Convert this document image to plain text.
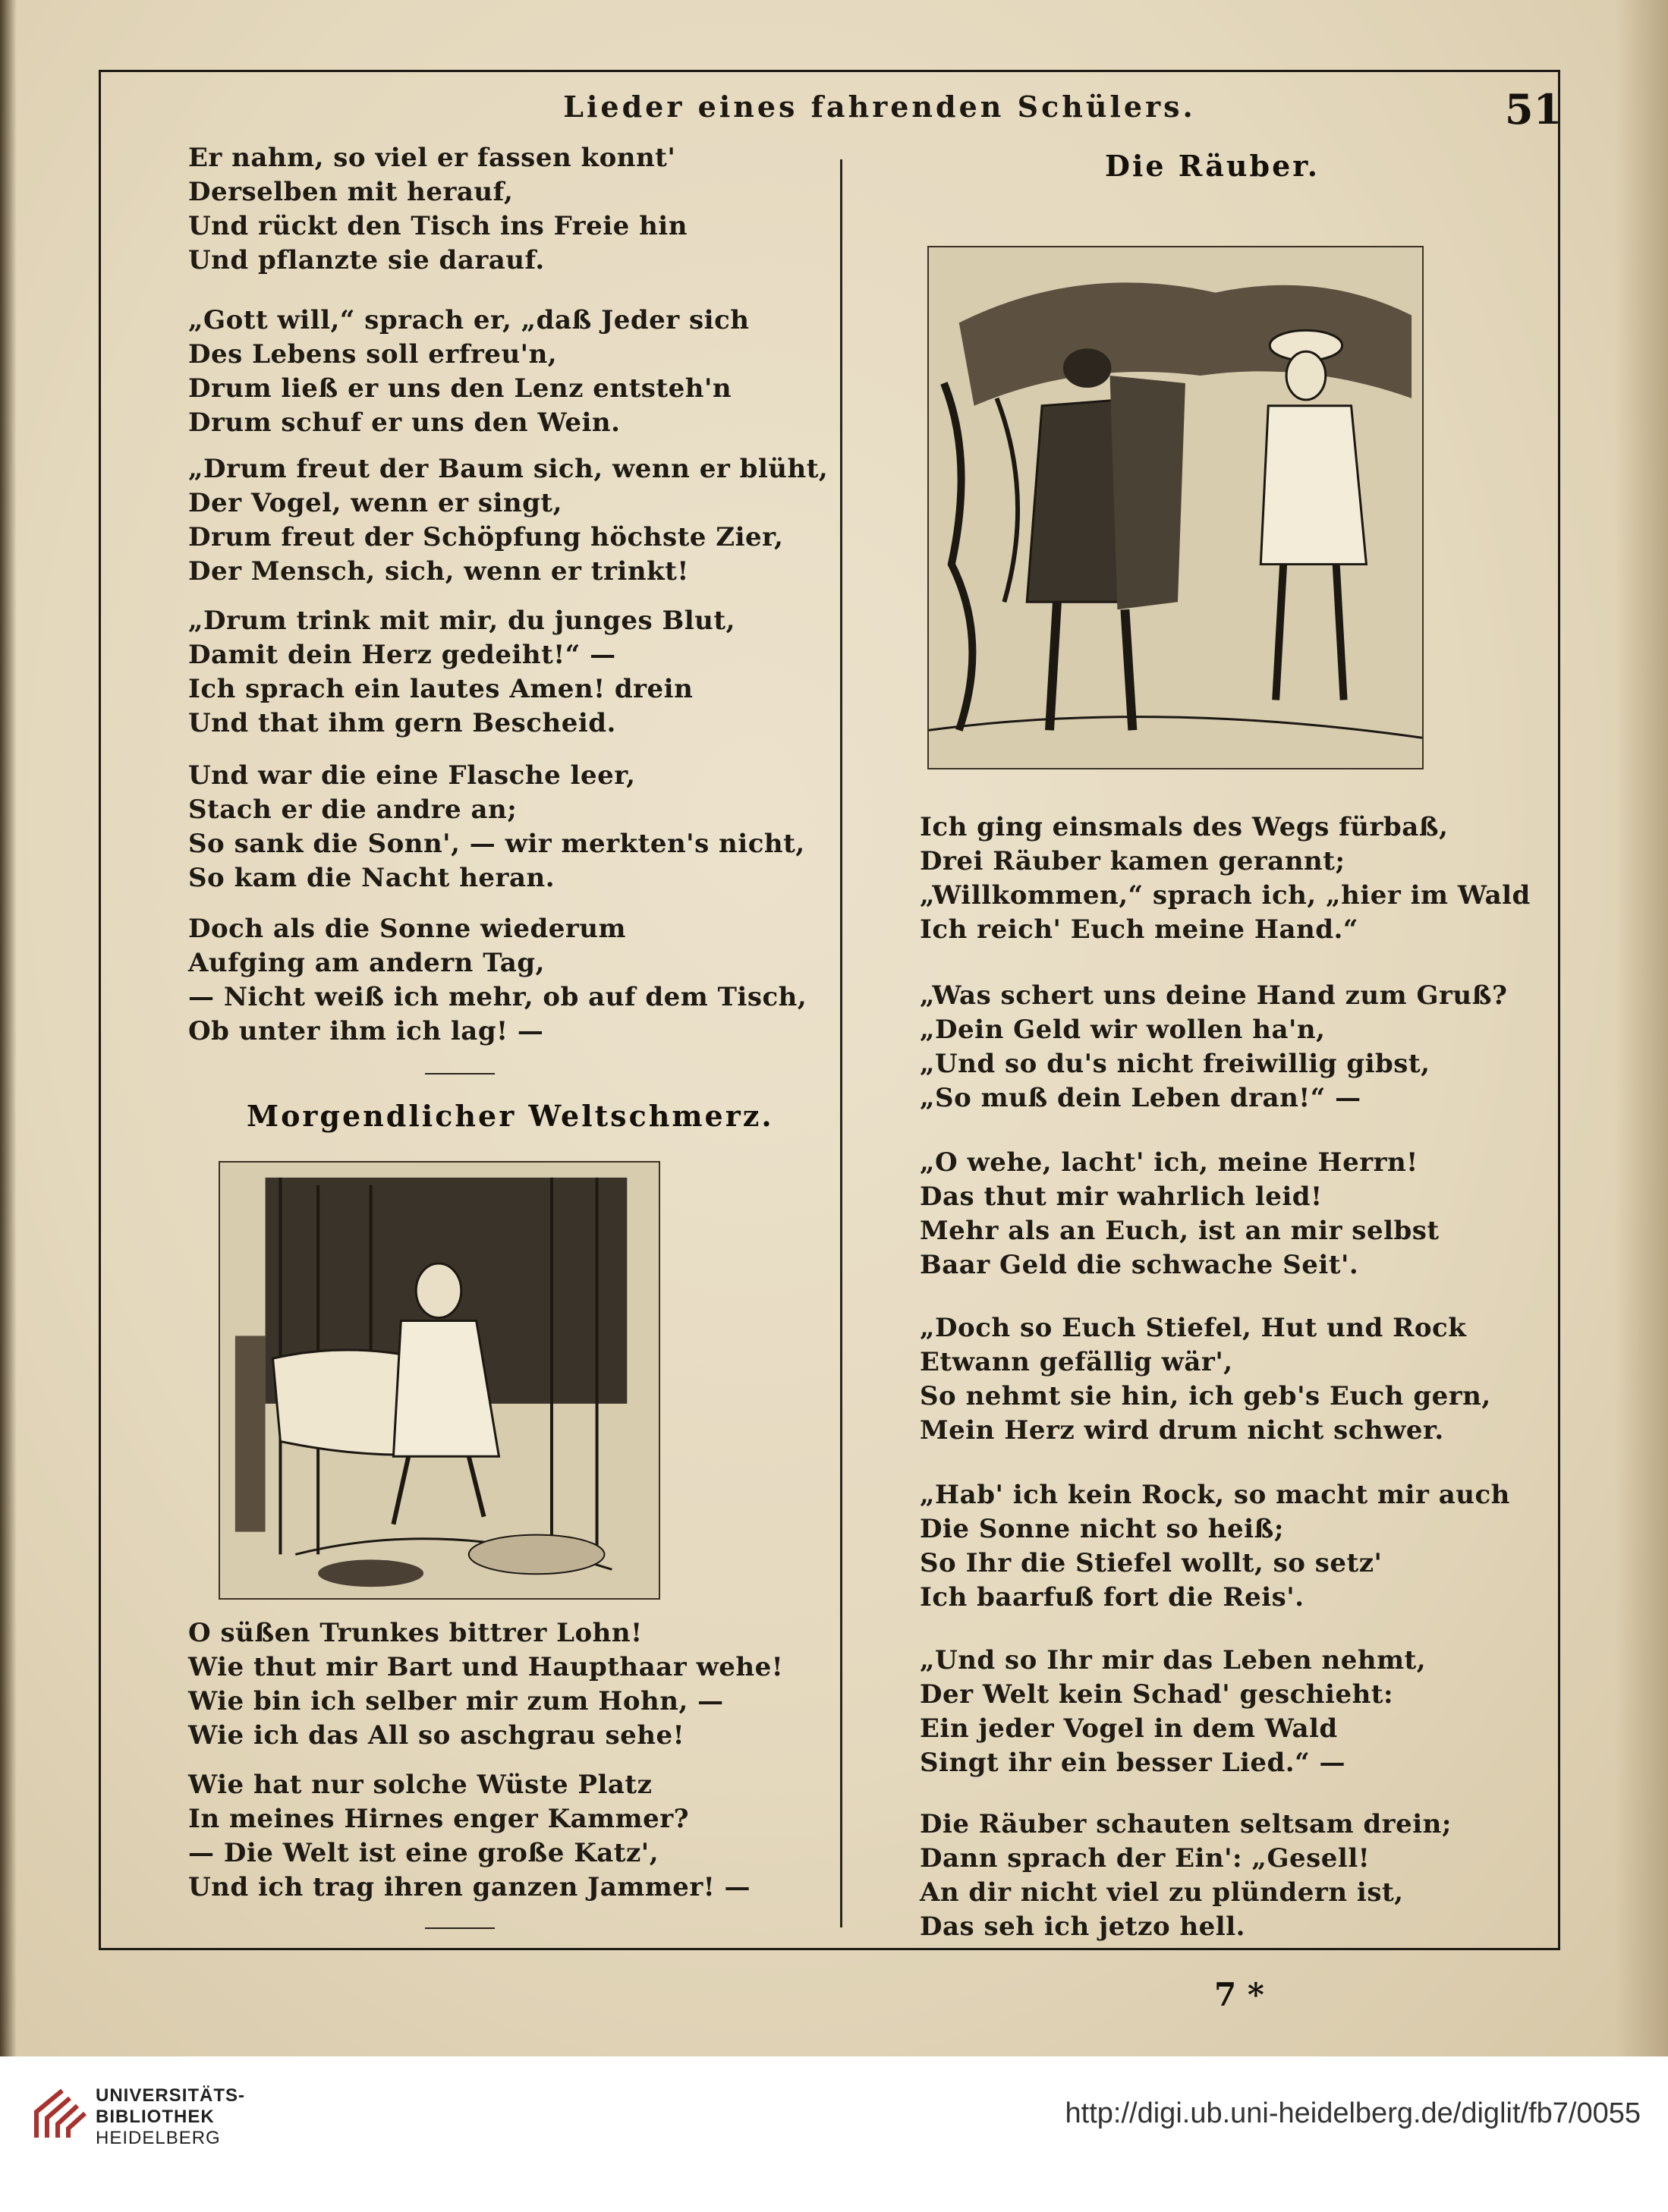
Lieder eines fahrenden Schülers.	51
Er nahm, so viel er fassen konnt'
Derselben mit herauf,
Und rückt den Tisch ins Freie hin
Und pflanzte sie darauf.
„Gott will,“ sprach er, „daß Jeder sich
Des Lebens soll erfreu'n,
Drum ließ er uns den Lenz entsteh'n
Drum schuf er uns den Wein.
„Drum freut der Baum sich, wenn er blüht,
Der Vogel, wenn er singt,
Drum freut der Schöpfung höchste Zier,
Der Mensch, sich, wenn er trinkt!
„Drum trink mit mir, du junges Blut,
Damit dein Herz gedeiht!“ —
Ich sprach ein lautes Amen! drein
Und that ihm gern Bescheid.
Und war die eine Flasche leer,
Stach er die andre an;
So sank die Sonn', — wir merkten's nicht,
So kam die Nacht heran.
Doch als die Sonne wiederum
Aufging am andern Tag,
— Nicht weiß ich mehr, ob auf dem Tisch,
Ob unter ihm ich lag! —
Morgendlicher Weltschmerz.
O süßen Trunkes bittrer Lohn!
Wie thut mir Bart und Haupthaar wehe!
Wie bin ich selber mir zum Hohn, —
Wie ich das All so aschgrau sehe!
Wie hat nur solche Wüste Platz
In meines Hirnes enger Kammer?
— Die Welt ist eine große Katz',
Und ich trag ihren ganzen Jammer! —
Die Räuber.
Ich ging einsmals des Wegs fürbaß,
Drei Räuber kamen gerannt;
„Willkommen,“ sprach ich, „hier im Wald
Ich reich' Euch meine Hand.“
„Was schert uns deine Hand zum Gruß?
„Dein Geld wir wollen ha'n,
„Und so du's nicht freiwillig gibst,
„So muß dein Leben dran!“ —
„O wehe, lacht' ich, meine Herrn!
Das thut mir wahrlich leid!
Mehr als an Euch, ist an mir selbst
Baar Geld die schwache Seit'.
„Doch so Euch Stiefel, Hut und Rock
Etwann gefällig wär',
So nehmt sie hin, ich geb's Euch gern,
Mein Herz wird drum nicht schwer.
„Hab' ich kein Rock, so macht mir auch
Die Sonne nicht so heiß;
So Ihr die Stiefel wollt, so setz'
Ich baarfuß fort die Reis'.
„Und so Ihr mir das Leben nehmt,
Der Welt kein Schad' geschieht:
Ein jeder Vogel in dem Wald
Singt ihr ein besser Lied.“ —
Die Räuber schauten seltsam drein;
Dann sprach der Ein': „Gesell!
An dir nicht viel zu plündern ist,
Das seh ich jetzo hell.
7 *
UNIVERSITÄTS-
BIBLIOTHEK
HEIDELBERG
http://digi.ub.uni-heidelberg.de/diglit/fb7/0055
